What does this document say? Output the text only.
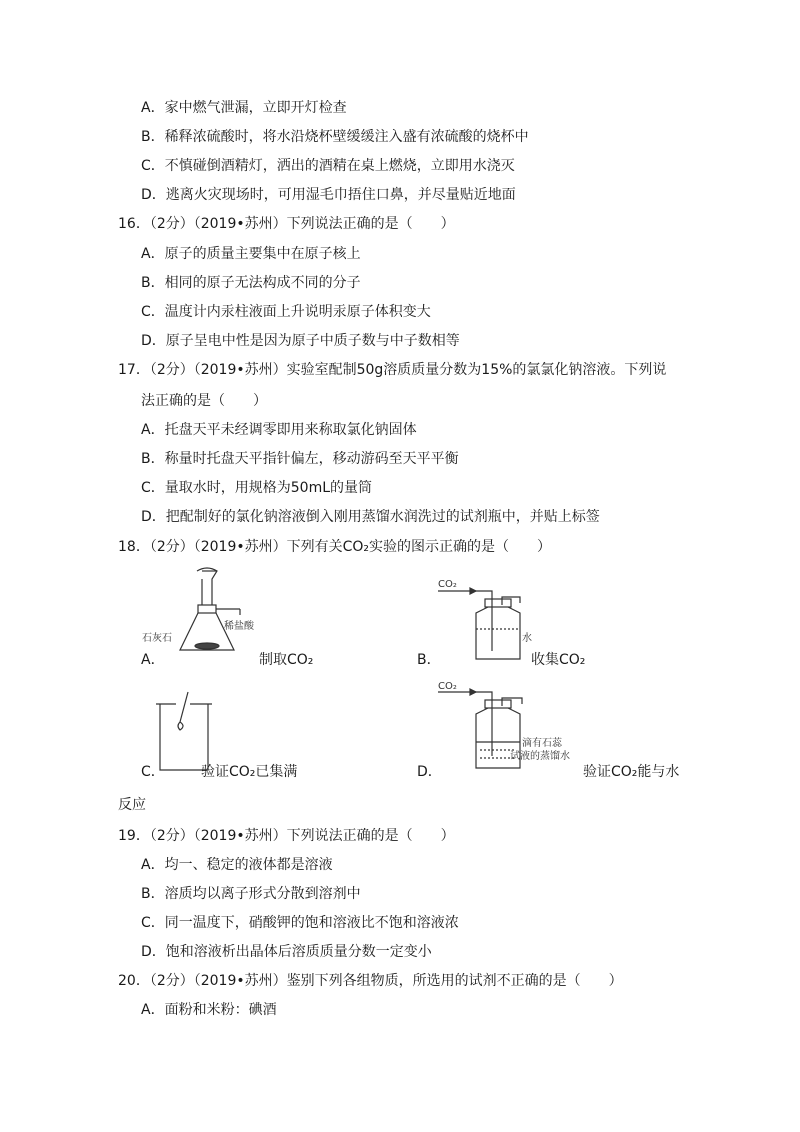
A．家中燃气泄漏，立即开灯检查
B．稀释浓硫酸时，将水沿烧杯壁缓缓注入盛有浓硫酸的烧杯中
C．不慎碰倒酒精灯，洒出的酒精在桌上燃烧，立即用水浇灭
D．逃离火灾现场时，可用湿毛巾捂住口鼻，并尽量贴近地面
16．（2分）（2019•苏州）下列说法正确的是（　　）
A．原子的质量主要集中在原子核上
B．相同的原子无法构成不同的分子
C．温度计内汞柱液面上升说明汞原子体积变大
D．原子呈电中性是因为原子中质子数与中子数相等
17．（2分）（2019•苏州）实验室配制50g溶质质量分数为15%的氯氯化钠溶液。下列说
法正确的是（　　）
A．托盘天平未经调零即用来称取氯化钠固体
B．称量时托盘天平指针偏左，移动游码至天平平衡
C．量取水时，用规格为50mL的量筒
D．把配制好的氯化钠溶液倒入刚用蒸馏水润洗过的试剂瓶中，并贴上标签
18．（2分）（2019•苏州）下列有关CO₂实验的图示正确的是（　　）
石灰石
稀盐酸
A．	制取CO₂
CO₂
水
B．	收集CO₂
C．	验证CO₂已集满
CO₂
滴有石蕊
试液的蒸馏水
D．	验证CO₂能与水
反应
19．（2分）（2019•苏州）下列说法正确的是（　　）
A．均一、稳定的液体都是溶液
B．溶质均以离子形式分散到溶剂中
C．同一温度下，硝酸钾的饱和溶液比不饱和溶液浓
D．饱和溶液析出晶体后溶质质量分数一定变小
20．（2分）（2019•苏州）鉴别下列各组物质，所选用的试剂不正确的是（　　）
A．面粉和米粉：碘酒
